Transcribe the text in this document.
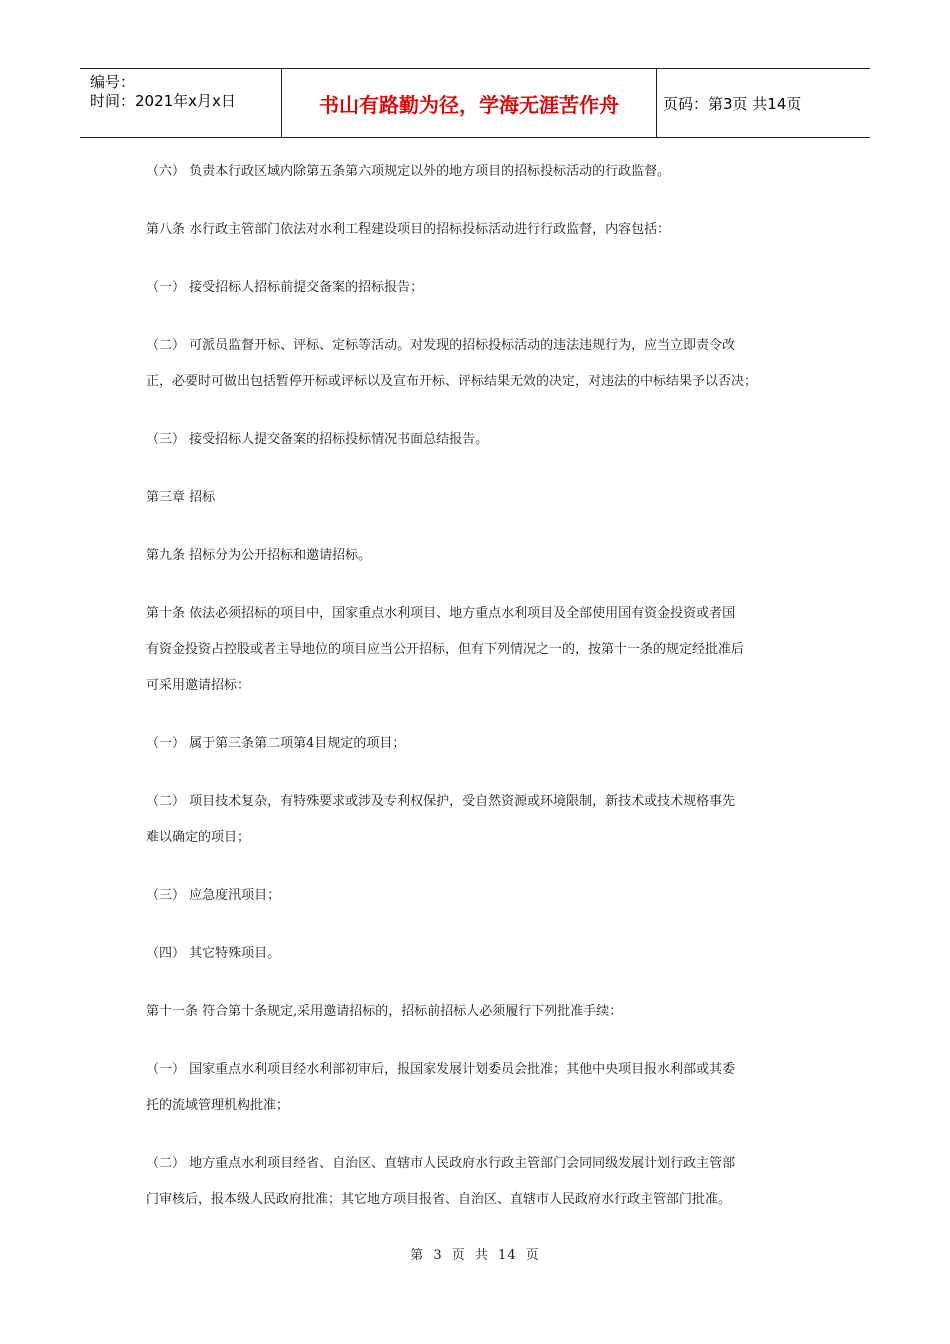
编号：
时间：2021年x月x日	书山有路勤为径，学海无涯苦作舟	页码：第3页 共14页

（六） 负责本行政区域内除第五条第六项规定以外的地方项目的招标投标活动的行政监督。

第八条 水行政主管部门依法对水利工程建设项目的招标投标活动进行行政监督，内容包括：

（一） 接受招标人招标前提交备案的招标报告；

（二） 可派员监督开标、评标、定标等活动。对发现的招标投标活动的违法违规行为，应当立即责令改
正，必要时可做出包括暂停开标或评标以及宣布开标、评标结果无效的决定，对违法的中标结果予以否决；

（三） 接受招标人提交备案的招标投标情况书面总结报告。

第三章 招标

第九条 招标分为公开招标和邀请招标。

第十条 依法必须招标的项目中，国家重点水利项目、地方重点水利项目及全部使用国有资金投资或者国
有资金投资占控股或者主导地位的项目应当公开招标，但有下列情况之一的，按第十一条的规定经批准后
可采用邀请招标：

（一） 属于第三条第二项第4目规定的项目；

（二） 项目技术复杂，有特殊要求或涉及专利权保护，受自然资源或环境限制，新技术或技术规格事先
难以确定的项目；

（三） 应急度汛项目；

（四） 其它特殊项目。

第十一条 符合第十条规定,采用邀请招标的，招标前招标人必须履行下列批准手续：

（一） 国家重点水利项目经水利部初审后，报国家发展计划委员会批准；其他中央项目报水利部或其委
托的流域管理机构批准；

（二） 地方重点水利项目经省、自治区、直辖市人民政府水行政主管部门会同同级发展计划行政主管部
门审核后，报本级人民政府批准；其它地方项目报省、自治区、直辖市人民政府水行政主管部门批准。

第 3 页 共 14 页
